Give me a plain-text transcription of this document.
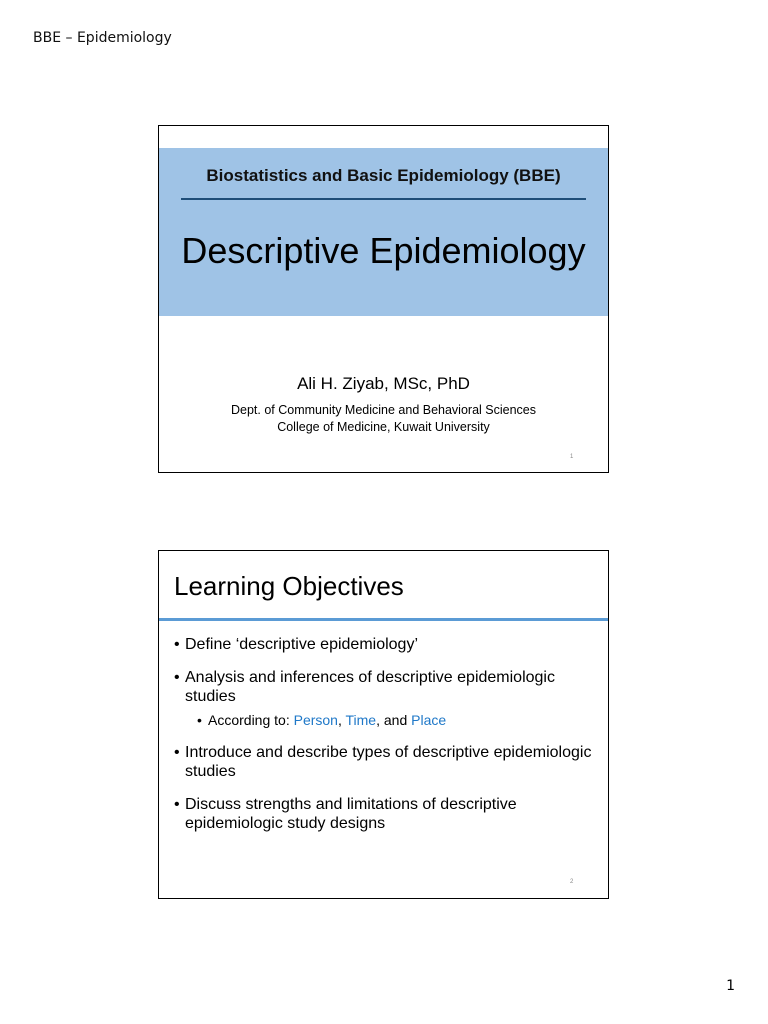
BBE – Epidemiology
Biostatistics and Basic Epidemiology (BBE)
Descriptive Epidemiology
Ali H. Ziyab, MSc, PhD
Dept. of Community Medicine and Behavioral Sciences
College of Medicine, Kuwait University
1
Learning Objectives
• Define ‘descriptive epidemiology’
• Analysis and inferences of descriptive epidemiologic studies
• According to: Person, Time, and Place
• Introduce and describe types of descriptive epidemiologic studies
• Discuss strengths and limitations of descriptive epidemiologic study designs
2
1
